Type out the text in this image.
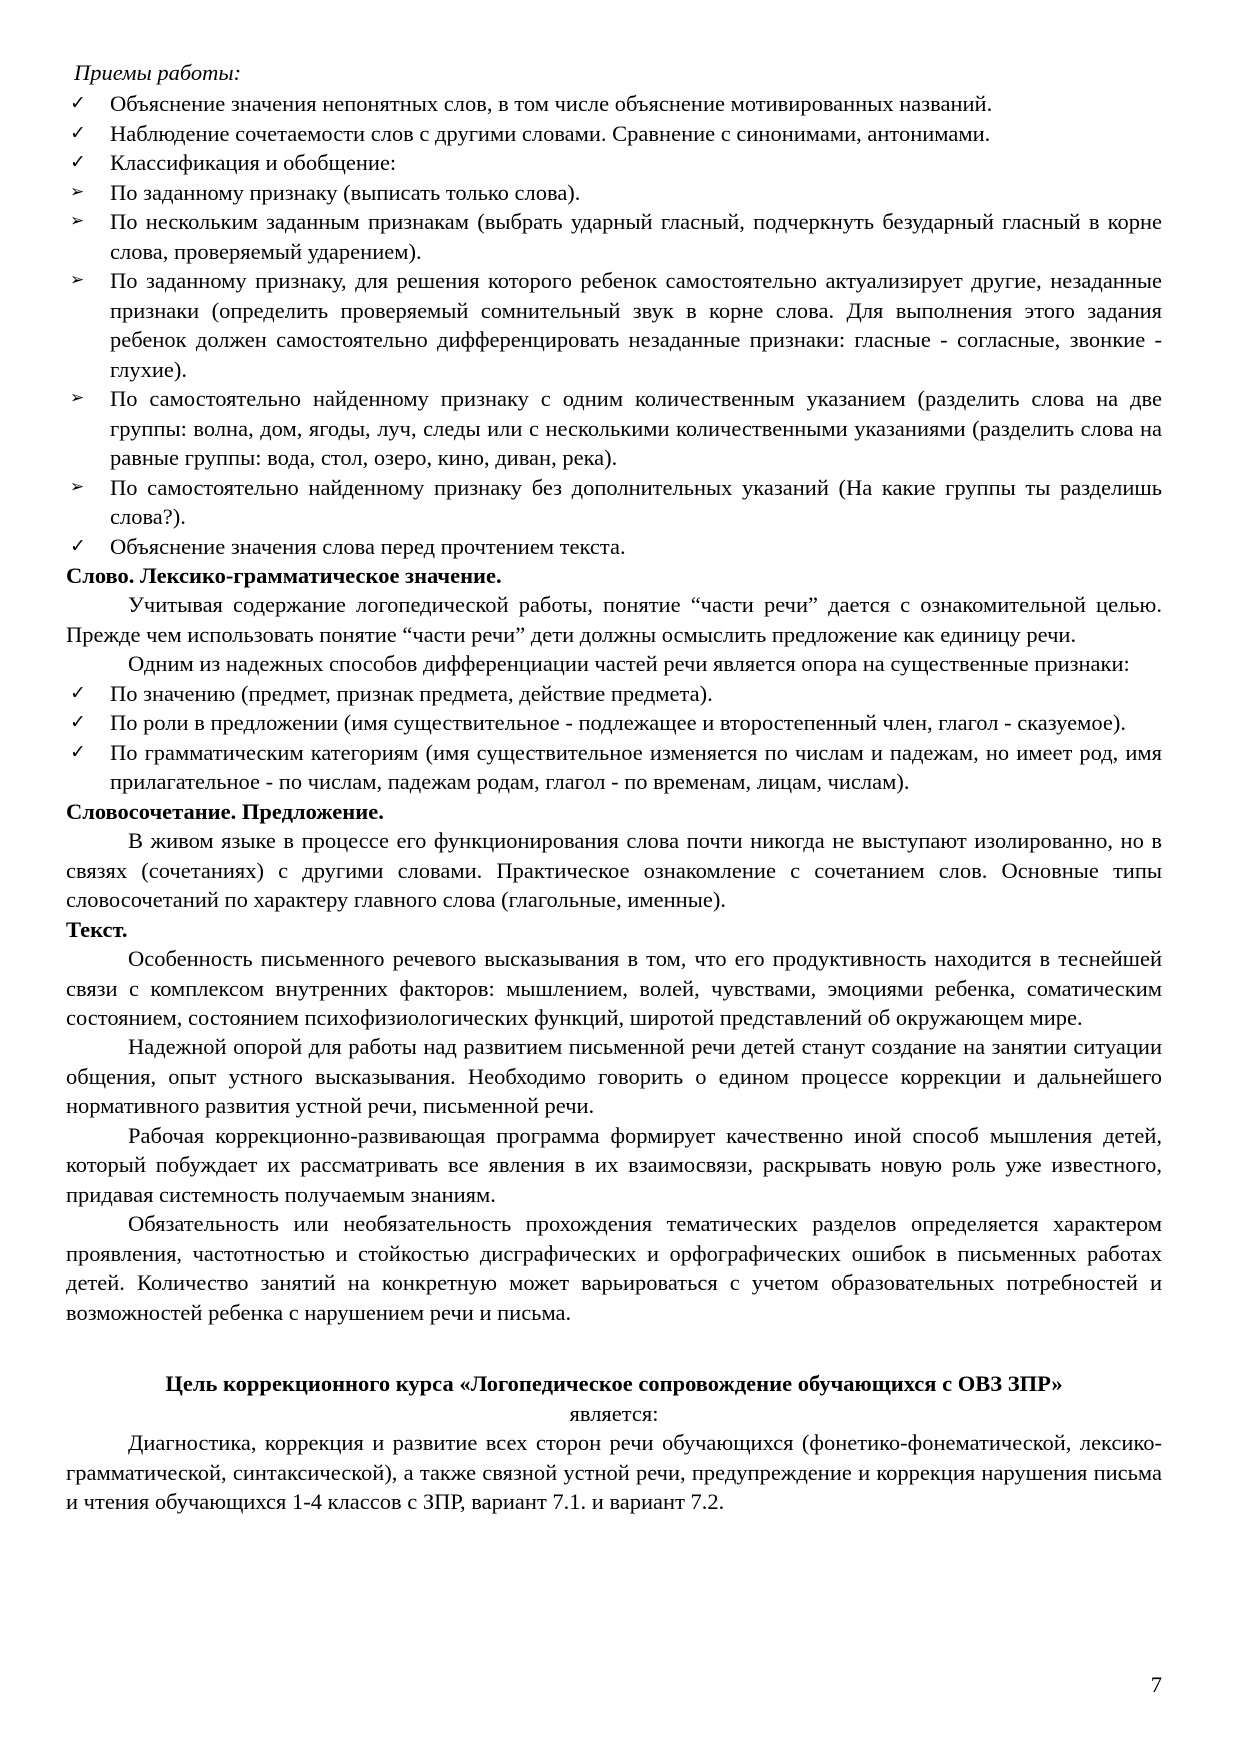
Приемы работы:
✓	Объяснение значения непонятных слов, в том числе объяснение мотивированных названий.
✓	Наблюдение сочетаемости слов с другими словами. Сравнение с синонимами, антонимами.
✓	Классификация и обобщение:
➢	По заданному признаку (выписать только слова).
➢	По нескольким заданным признакам (выбрать ударный гласный, подчеркнуть безударный гласный в корне слова, проверяемый ударением).
➢	По заданному признаку, для решения которого ребенок самостоятельно актуализирует другие, незаданные признаки (определить проверяемый сомнительный звук в корне слова. Для выполнения этого задания ребенок должен самостоятельно дифференцировать незаданные признаки: гласные - согласные, звонкие - глухие).
➢	По самостоятельно найденному признаку с одним количественным указанием (разделить слова на две группы: волна, дом, ягоды, луч, следы или с несколькими количественными указаниями (разделить слова на равные группы: вода, стол, озеро, кино, диван, река).
➢	По самостоятельно найденному признаку без дополнительных указаний (На какие группы ты разделишь слова?).
✓	Объяснение значения слова перед прочтением текста.
Слово. Лексико-грамматическое значение.

Учитывая содержание логопедической работы, понятие “части речи” дается с ознакомительной целью. Прежде чем использовать понятие “части речи” дети должны осмыслить предложение как единицу речи.

Одним из надежных способов дифференциации частей речи является опора на существенные признаки:

✓	По значению (предмет, признак предмета, действие предмета).
✓	По роли в предложении (имя существительное - подлежащее и второстепенный член, глагол - сказуемое).
✓	По грамматическим категориям (имя существительное изменяется по числам и падежам, но имеет род, имя прилагательное - по числам, падежам родам, глагол - по временам, лицам, числам).
Словосочетание. Предложение.

В живом языке в процессе его функционирования слова почти никогда не выступают изолированно, но в связях (сочетаниях) с другими словами. Практическое ознакомление с сочетанием слов. Основные типы словосочетаний по характеру главного слова (глагольные, именные).

Текст.

Особенность письменного речевого высказывания в том, что его продуктивность находится в теснейшей связи с комплексом внутренних факторов: мышлением, волей, чувствами, эмоциями ребенка, соматическим состоянием, состоянием психофизиологических функций, широтой представлений об окружающем мире.

Надежной опорой для работы над развитием письменной речи детей станут создание на занятии ситуации общения, опыт устного высказывания. Необходимо говорить о едином процессе коррекции и дальнейшего нормативного развития устной речи, письменной речи.

Рабочая коррекционно-развивающая программа формирует качественно иной способ мышления детей, который побуждает их рассматривать все явления в их взаимосвязи, раскрывать новую роль уже известного, придавая системность получаемым знаниям.

Обязательность или необязательность прохождения тематических разделов определяется характером проявления, частотностью и стойкостью дисграфических и орфографических ошибок в письменных работах детей. Количество занятий на конкретную может варьироваться с учетом образовательных потребностей и возможностей ребенка с нарушением речи и письма.

Цель коррекционного курса «Логопедическое сопровождение обучающихся с ОВЗ ЗПР»
является:

Диагностика, коррекция и развитие всех сторон речи обучающихся (фонетико-фонематической, лексико-грамматической, синтаксической), а также связной устной речи, предупреждение и коррекция нарушения письма и чтения обучающихся 1-4 классов с ЗПР, вариант 7.1. и вариант 7.2.

7
